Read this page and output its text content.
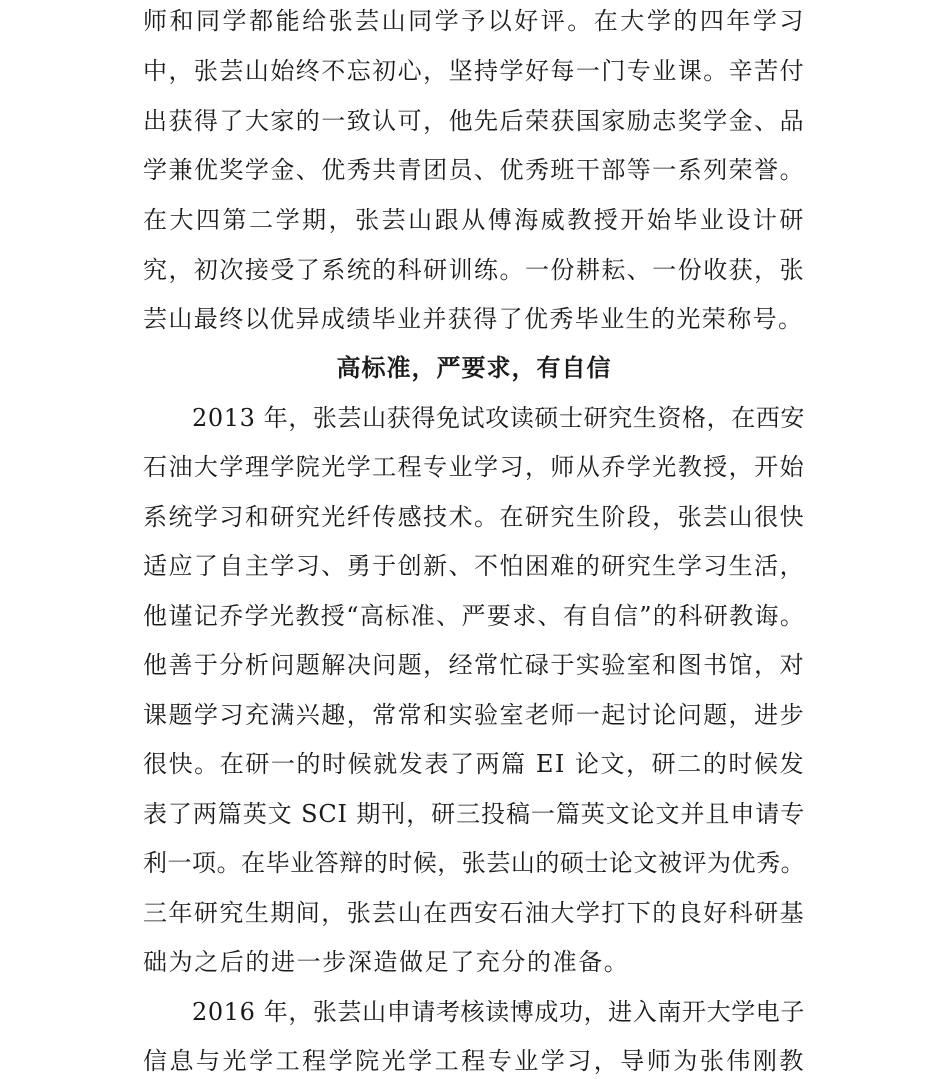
师和同学都能给张芸山同学予以好评。在大学的四年学习
中，张芸山始终不忘初心，坚持学好每一门专业课。辛苦付
出获得了大家的一致认可，他先后荣获国家励志奖学金、品
学兼优奖学金、优秀共青团员、优秀班干部等一系列荣誉。
在大四第二学期，张芸山跟从傅海威教授开始毕业设计研
究，初次接受了系统的科研训练。一份耕耘、一份收获，张
芸山最终以优异成绩毕业并获得了优秀毕业生的光荣称号。
高标准，严要求，有自信
2013 年，张芸山获得免试攻读硕士研究生资格，在西安
石油大学理学院光学工程专业学习，师从乔学光教授，开始
系统学习和研究光纤传感技术。在研究生阶段，张芸山很快
适应了自主学习、勇于创新、不怕困难的研究生学习生活，
他谨记乔学光教授“高标准、严要求、有自信”的科研教诲。
他善于分析问题解决问题，经常忙碌于实验室和图书馆，对
课题学习充满兴趣，常常和实验室老师一起讨论问题，进步
很快。在研一的时候就发表了两篇 EI 论文，研二的时候发
表了两篇英文 SCI 期刊，研三投稿一篇英文论文并且申请专
利一项。在毕业答辩的时候，张芸山的硕士论文被评为优秀。
三年研究生期间，张芸山在西安石油大学打下的良好科研基
础为之后的进一步深造做足了充分的准备。
2016 年，张芸山申请考核读博成功，进入南开大学电子
信息与光学工程学院光学工程专业学习，导师为张伟刚教
